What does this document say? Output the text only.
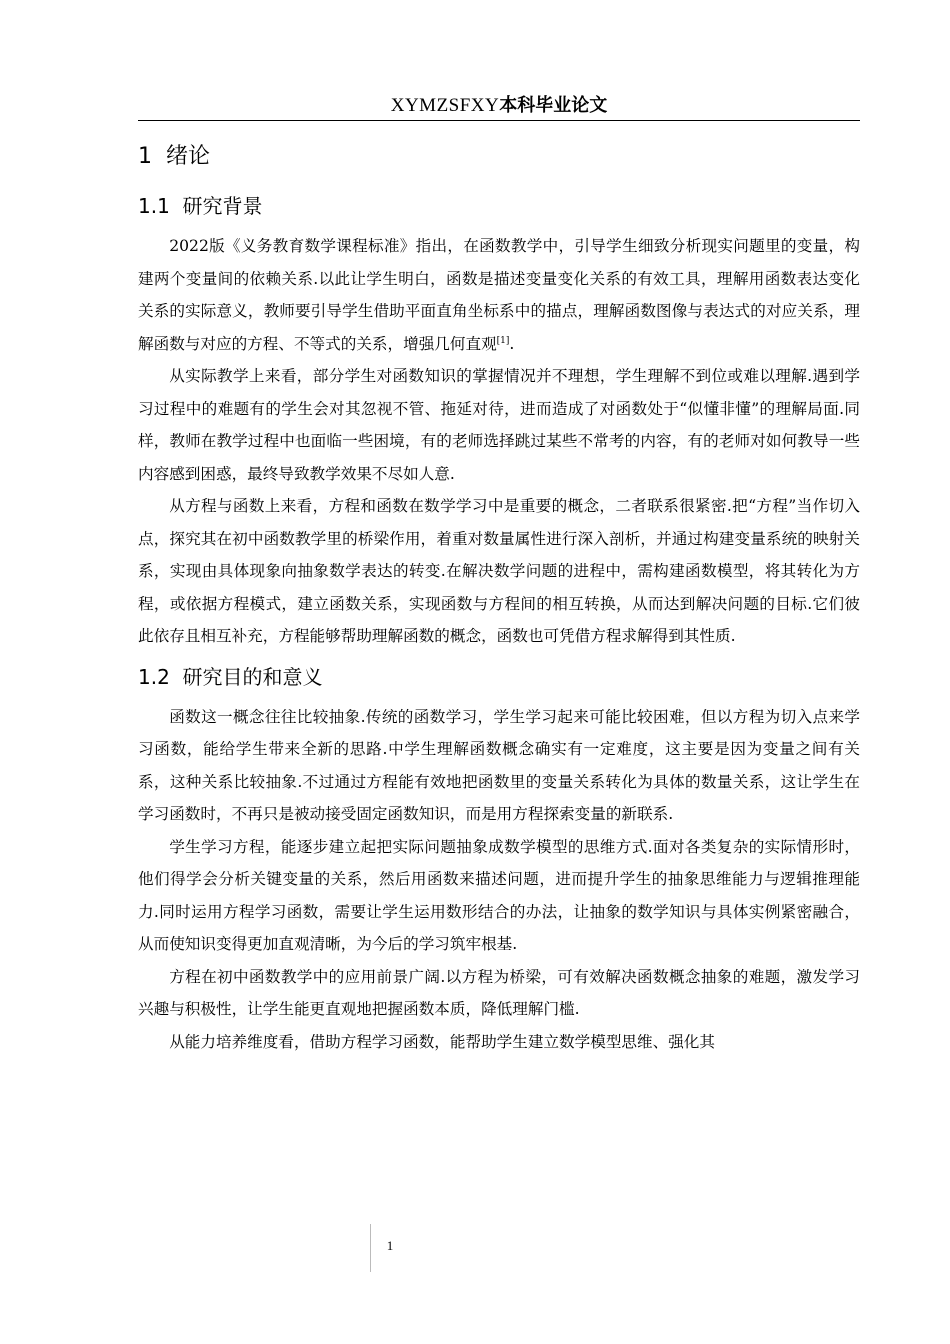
XYMZSFXY本科毕业论文
1 绪论
1.1 研究背景

2022版《义务教育数学课程标准》指出，在函数教学中，引导学生细致分析现实问题里的变量，构建两个变量间的依赖关系.以此让学生明白，函数是描述变量变化关系的有效工具，理解用函数表达变化关系的实际意义，教师要引导学生借助平面直角坐标系中的描点，理解函数图像与表达式的对应关系，理解函数与对应的方程、不等式的关系，增强几何直观[1].

从实际教学上来看，部分学生对函数知识的掌握情况并不理想，学生理解不到位或难以理解.遇到学习过程中的难题有的学生会对其忽视不管、拖延对待，进而造成了对函数处于“似懂非懂”的理解局面.同样，教师在教学过程中也面临一些困境，有的老师选择跳过某些不常考的内容，有的老师对如何教导一些内容感到困惑，最终导致教学效果不尽如人意.

从方程与函数上来看，方程和函数在数学学习中是重要的概念，二者联系很紧密.把“方程”当作切入点，探究其在初中函数教学里的桥梁作用，着重对数量属性进行深入剖析，并通过构建变量系统的映射关系，实现由具体现象向抽象数学表达的转变.在解决数学问题的进程中，需构建函数模型，将其转化为方程，或依据方程模式，建立函数关系，实现函数与方程间的相互转换，从而达到解决问题的目标.它们彼此依存且相互补充，方程能够帮助理解函数的概念，函数也可凭借方程求解得到其性质.

1.2 研究目的和意义

函数这一概念往往比较抽象.传统的函数学习，学生学习起来可能比较困难，但以方程为切入点来学习函数，能给学生带来全新的思路.中学生理解函数概念确实有一定难度，这主要是因为变量之间有关系，这种关系比较抽象.不过通过方程能有效地把函数里的变量关系转化为具体的数量关系，这让学生在学习函数时，不再只是被动接受固定函数知识，而是用方程探索变量的新联系.

学生学习方程，能逐步建立起把实际问题抽象成数学模型的思维方式.面对各类复杂的实际情形时，他们得学会分析关键变量的关系，然后用函数来描述问题，进而提升学生的抽象思维能力与逻辑推理能力.同时运用方程学习函数，需要让学生运用数形结合的办法，让抽象的数学知识与具体实例紧密融合，从而使知识变得更加直观清晰，为今后的学习筑牢根基.

方程在初中函数教学中的应用前景广阔.以方程为桥梁，可有效解决函数概念抽象的难题，激发学习兴趣与积极性，让学生能更直观地把握函数本质，降低理解门槛.

从能力培养维度看，借助方程学习函数，能帮助学生建立数学模型思维、强化其

1
